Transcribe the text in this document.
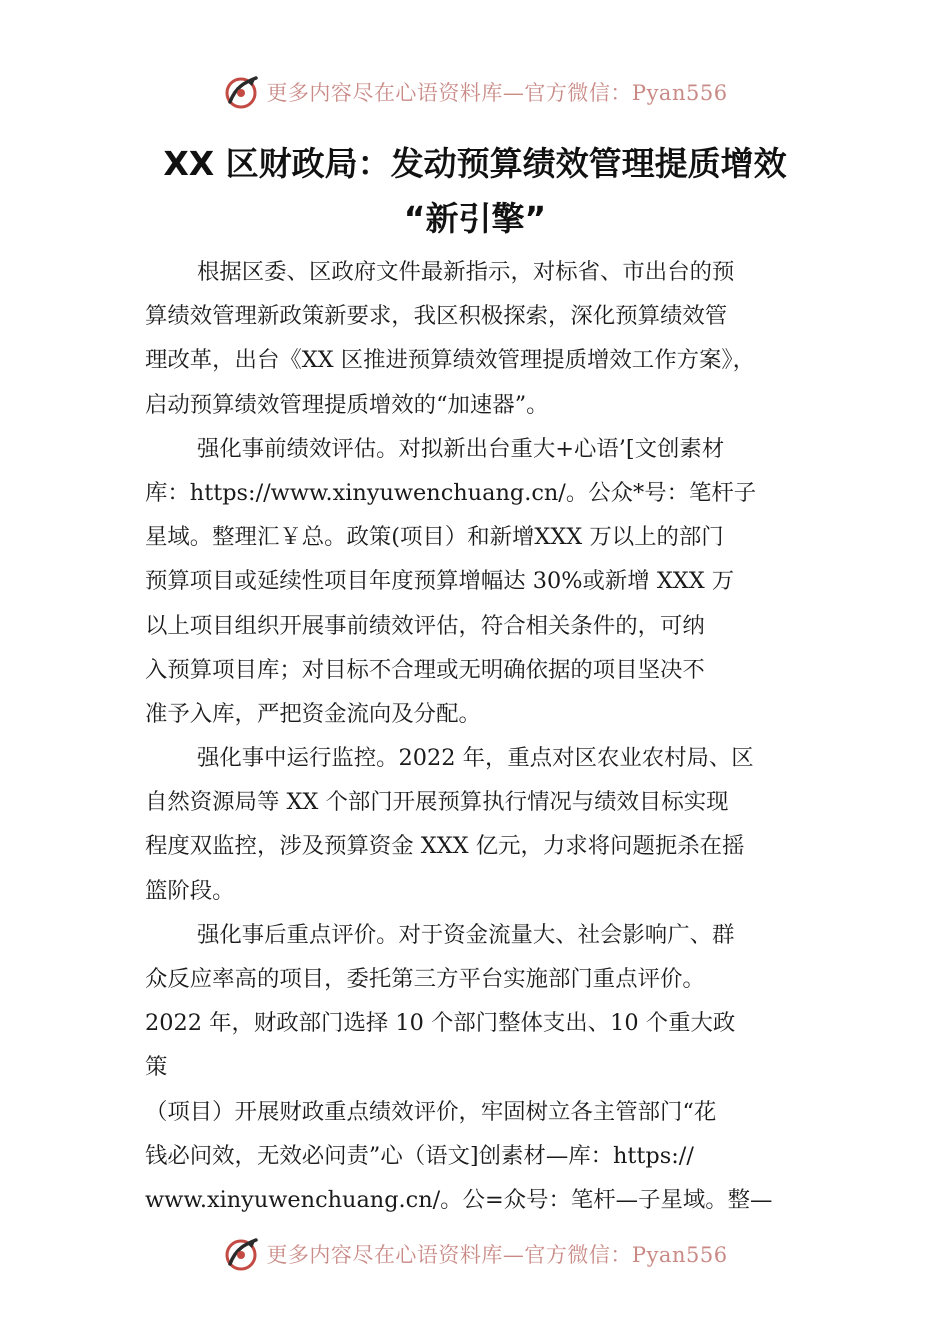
更多内容尽在心语资料库—官方微信：Pyan556
XX 区财政局：发动预算绩效管理提质增效
“新引擎”
根据区委、区政府文件最新指示，对标省、市出台的预
算绩效管理新政策新要求，我区积极探索，深化预算绩效管
理改革，出台《XX 区推进预算绩效管理提质增效工作方案》，
启动预算绩效管理提质增效的“加速器”。
强化事前绩效评估。对拟新出台重大+心语’[文创素材
库：https://www.xinyuwenchuang.cn/。公众*号：笔杆子
星域。整理汇￥总。政策(项目）和新增XXX 万以上的部门
预算项目或延续性项目年度预算增幅达 30%或新增 XXX 万
以上项目组织开展事前绩效评估，符合相关条件的，可纳
入预算项目库；对目标不合理或无明确依据的项目坚决不
准予入库，严把资金流向及分配。
强化事中运行监控。2022 年，重点对区农业农村局、区
自然资源局等 XX 个部门开展预算执行情况与绩效目标实现
程度双监控，涉及预算资金 XXX 亿元，力求将问题扼杀在摇
篮阶段。
强化事后重点评价。对于资金流量大、社会影响广、群
众反应率高的项目，委托第三方平台实施部门重点评价。
2022 年，财政部门选择 10 个部门整体支出、10 个重大政
策
（项目）开展财政重点绩效评价，牢固树立各主管部门“花
钱必问效，无效必问责”心（语文]创素材—库：https://
www.xinyuwenchuang.cn/。公=众号：笔杆—子星域。整—
更多内容尽在心语资料库—官方微信：Pyan556
